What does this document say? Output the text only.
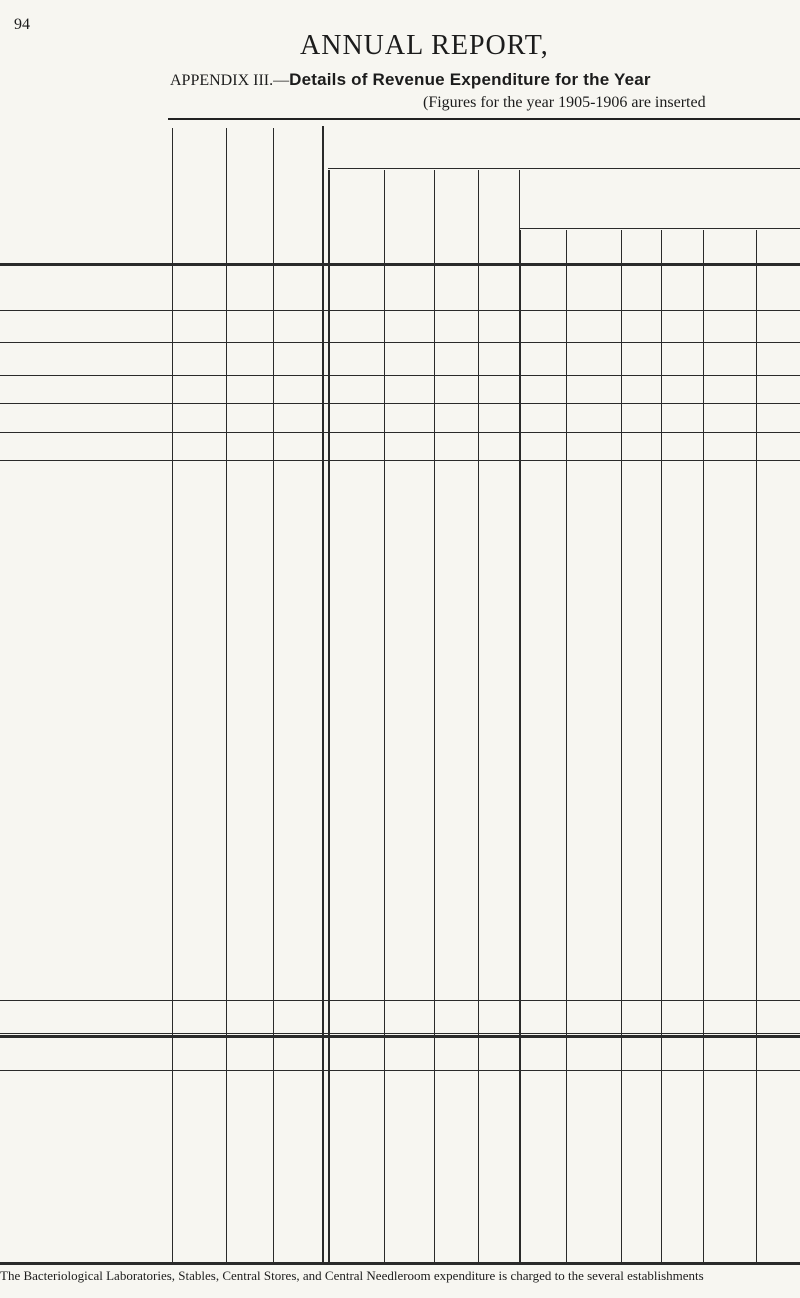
94
ANNUAL REPORT,
APPENDIX III.—Details of Revenue Expenditure for the Year
(Figures for the year 1905-1906 are inserted
The Bacteriological Laboratories, Stables, Central Stores, and Central Needleroom expenditure is charged to the several establishments
